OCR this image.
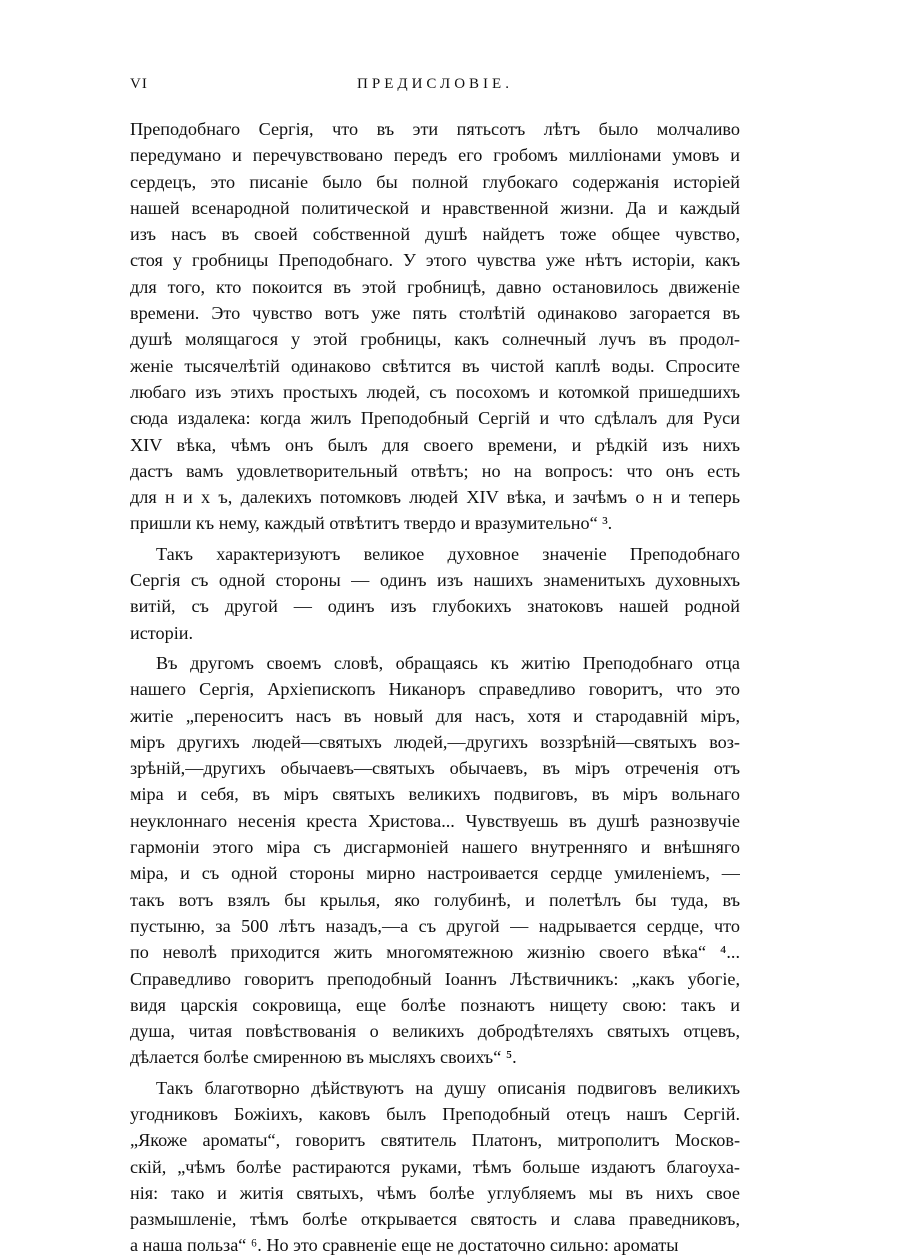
VI	ПРЕДИСЛОВІЕ.
Преподобнаго Сергія, что въ эти пятьсотъ лѣтъ было молчаливо
передумано и перечувствовано передъ его гробомъ милліонами умовъ и
сердецъ, это писаніе было бы полной глубокаго содержанія исторіей
нашей всенародной политической и нравственной жизни. Да и каждый
изъ насъ въ своей собственной душѣ найдетъ тоже общее чувство,
стоя у гробницы Преподобнаго. У этого чувства уже нѣтъ исторіи, какъ
для того, кто покоится въ этой гробницѣ, давно остановилось движеніе
времени. Это чувство вотъ уже пять столѣтій одинаково загорается въ
душѣ молящагося у этой гробницы, какъ солнечный лучъ въ продол-
женіе тысячелѣтій одинаково свѣтится въ чистой каплѣ воды. Спросите
любаго изъ этихъ простыхъ людей, съ посохомъ и котомкой пришедшихъ
сюда издалека: когда жилъ Преподобный Сергій и что сдѣлалъ для Руси
XIV вѣка, чѣмъ онъ былъ для своего времени, и рѣдкій изъ нихъ
дастъ вамъ удовлетворительный отвѣтъ; но на вопросъ: что онъ есть
для н и х ъ, далекихъ потомковъ людей XIV вѣка, и зачѣмъ о н и теперь
пришли къ нему, каждый отвѣтитъ твердо и вразумительно“ ³.
Такъ характеризуютъ великое духовное значеніе Преподобнаго
Сергія съ одной стороны — одинъ изъ нашихъ знаменитыхъ духовныхъ
витій, съ другой — одинъ изъ глубокихъ знатоковъ нашей родной
исторіи.
Въ другомъ своемъ словѣ, обращаясь къ житію Преподобнаго отца
нашего Сергія, Архіепископъ Никаноръ справедливо говоритъ, что это
житіе „переноситъ насъ въ новый для насъ, хотя и стародавній міръ,
міръ другихъ людей—святыхъ людей,—другихъ воззрѣній—святыхъ воз-
зрѣній,—другихъ обычаевъ—святыхъ обычаевъ, въ міръ отреченія отъ
міра и себя, въ міръ святыхъ великихъ подвиговъ, въ міръ вольнаго
неуклоннаго несенія креста Христова... Чувствуешь въ душѣ разнозвучіе
гармоніи этого міра съ дисгармоніей нашего внутренняго и внѣшняго
міра, и съ одной стороны мирно настроивается сердце умиленіемъ, —
такъ вотъ взялъ бы крылья, яко голубинѣ, и полетѣлъ бы туда, въ
пустыню, за 500 лѣтъ назадъ,—а съ другой — надрывается сердце, что
по неволѣ приходится жить многомятежною жизнію своего вѣка“ ⁴...
Справедливо говоритъ преподобный Іоаннъ Лѣствичникъ: „какъ убогіе,
видя царскія сокровища, еще болѣе познаютъ нищету свою: такъ и
душа, читая повѣствованія о великихъ добродѣтеляхъ святыхъ отцевъ,
дѣлается болѣе смиренною въ мысляхъ своихъ“ ⁵.
Такъ благотворно дѣйствуютъ на душу описанія подвиговъ великихъ
угодниковъ Божіихъ, каковъ былъ Преподобный отецъ нашъ Сергій.
„Якоже ароматы“, говоритъ святитель Платонъ, митрополитъ Москов-
скій, „чѣмъ болѣе растираются руками, тѣмъ больше издаютъ благоуха-
нія: тако и житія святыхъ, чѣмъ болѣе углубляемъ мы въ нихъ свое
размышленіе, тѣмъ болѣе открывается святость и слава праведниковъ,
а наша польза“ ⁶. Но это сравненіе еще не достаточно сильно: ароматы
